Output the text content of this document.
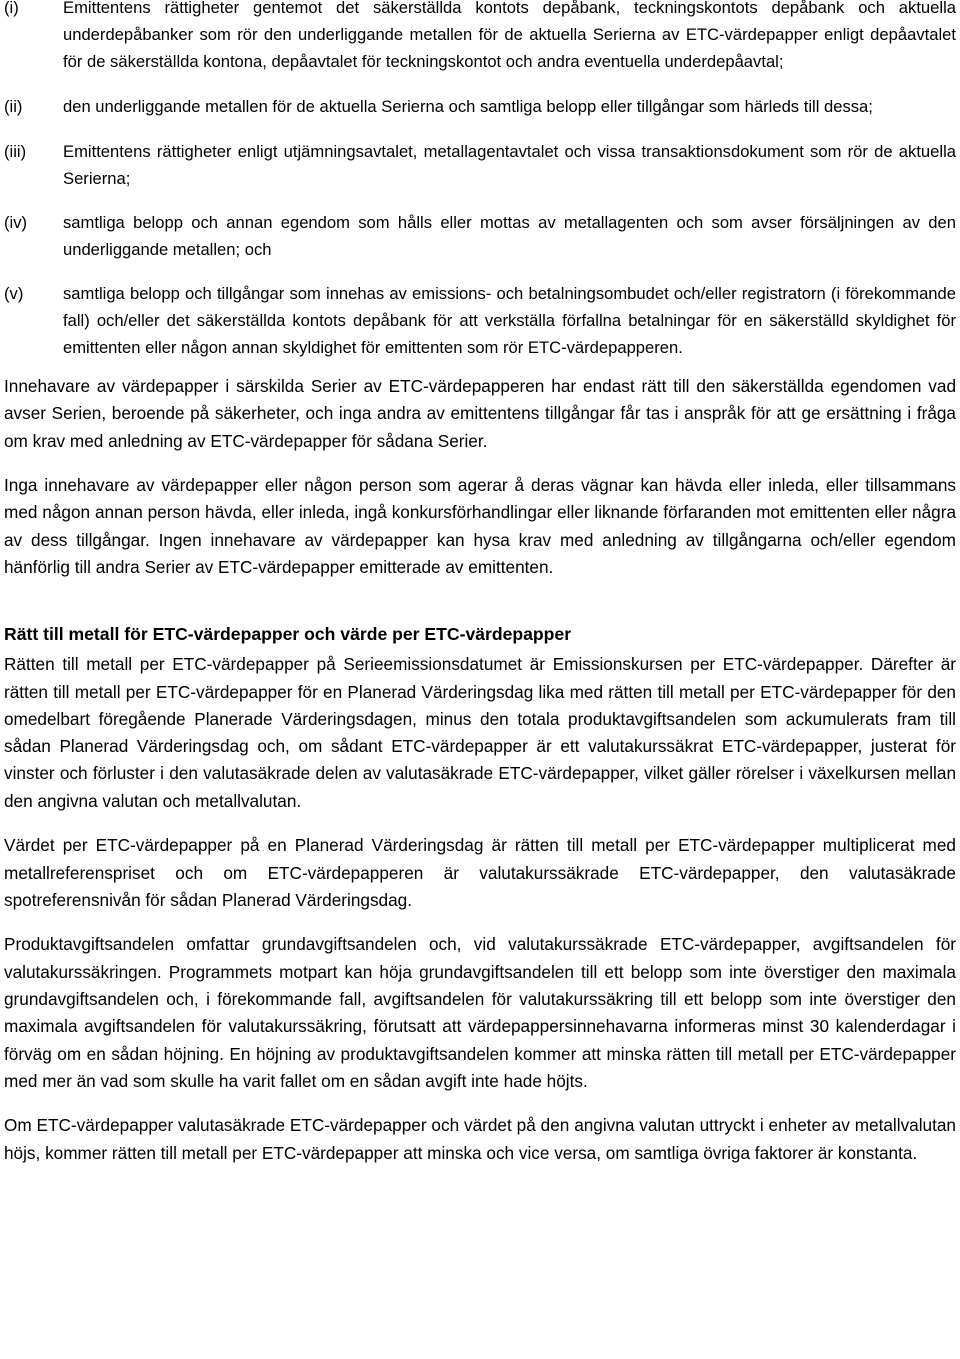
(i)	Emittentens rättigheter gentemot det säkerställda kontots depåbank, teckningskontots depåbank och aktuella underdepåbanker som rör den underliggande metallen för de aktuella Serierna av ETC-värdepapper enligt depåavtalet för de säkerställda kontona, depåavtalet för teckningskontot och andra eventuella underdepåavtal;
(ii) den underliggande metallen för de aktuella Serierna och samtliga belopp eller tillgångar som härleds till dessa;
(iii) Emittentens rättigheter enligt utjämningsavtalet, metallagentavtalet och vissa transaktionsdokument som rör de aktuella Serierna;
(iv) samtliga belopp och annan egendom som hålls eller mottas av metallagenten och som avser försäljningen av den underliggande metallen; och
(v) samtliga belopp och tillgångar som innehas av emissions- och betalningsombudet och/eller registratorn (i förekommande fall) och/eller det säkerställda kontots depåbank för att verkställa förfallna betalningar för en säkerställd skyldighet för emittenten eller någon annan skyldighet för emittenten som rör ETC-värdepapperen.

Innehavare av värdepapper i särskilda Serier av ETC-värdepapperen har endast rätt till den säkerställda egendomen vad avser Serien, beroende på säkerheter, och inga andra av emittentens tillgångar får tas i anspråk för att ge ersättning i fråga om krav med anledning av ETC-värdepapper för sådana Serier.

Inga innehavare av värdepapper eller någon person som agerar å deras vägnar kan hävda eller inleda, eller tillsammans med någon annan person hävda, eller inleda, ingå konkursförhandlingar eller liknande förfaranden mot emittenten eller några av dess tillgångar. Ingen innehavare av värdepapper kan hysa krav med anledning av tillgångarna och/eller egendom hänförlig till andra Serier av ETC-värdepapper emitterade av emittenten.

Rätt till metall för ETC-värdepapper och värde per ETC-värdepapper

Rätten till metall per ETC-värdepapper på Serieemissionsdatumet är Emissionskursen per ETC-värdepapper. Därefter är rätten till metall per ETC-värdepapper för en Planerad Värderingsdag lika med rätten till metall per ETC-värdepapper för den omedelbart föregående Planerade Värderingsdagen, minus den totala produktavgiftsandelen som ackumulerats fram till sådan Planerad Värderingsdag och, om sådant ETC-värdepapper är ett valutakurssäkrat ETC-värdepapper, justerat för vinster och förluster i den valutasäkrade delen av valutasäkrade ETC-värdepapper, vilket gäller rörelser i växelkursen mellan den angivna valutan och metallvalutan.

Värdet per ETC-värdepapper på en Planerad Värderingsdag är rätten till metall per ETC-värdepapper multiplicerat med metallreferenspriset och om ETC-värdepapperen är valutakurssäkrade ETC-värdepapper, den valutasäkrade spotreferensnivån för sådan Planerad Värderingsdag.

Produktavgiftsandelen omfattar grundavgiftsandelen och, vid valutakurssäkrade ETC-värdepapper, avgiftsandelen för valutakurssäkringen. Programmets motpart kan höja grundavgiftsandelen till ett belopp som inte överstiger den maximala grundavgiftsandelen och, i förekommande fall, avgiftsandelen för valutakurssäkring till ett belopp som inte överstiger den maximala avgiftsandelen för valutakurssäkring, förutsatt att värdepappersinnehavarna informeras minst 30 kalenderdagar i förväg om en sådan höjning. En höjning av produktavgiftsandelen kommer att minska rätten till metall per ETC-värdepapper med mer än vad som skulle ha varit fallet om en sådan avgift inte hade höjts.

Om ETC-värdepapper valutasäkrade ETC-värdepapper och värdet på den angivna valutan uttryckt i enheter av metallvalutan höjs, kommer rätten till metall per ETC-värdepapper att minska och vice versa, om samtliga övriga faktorer är konstanta.
